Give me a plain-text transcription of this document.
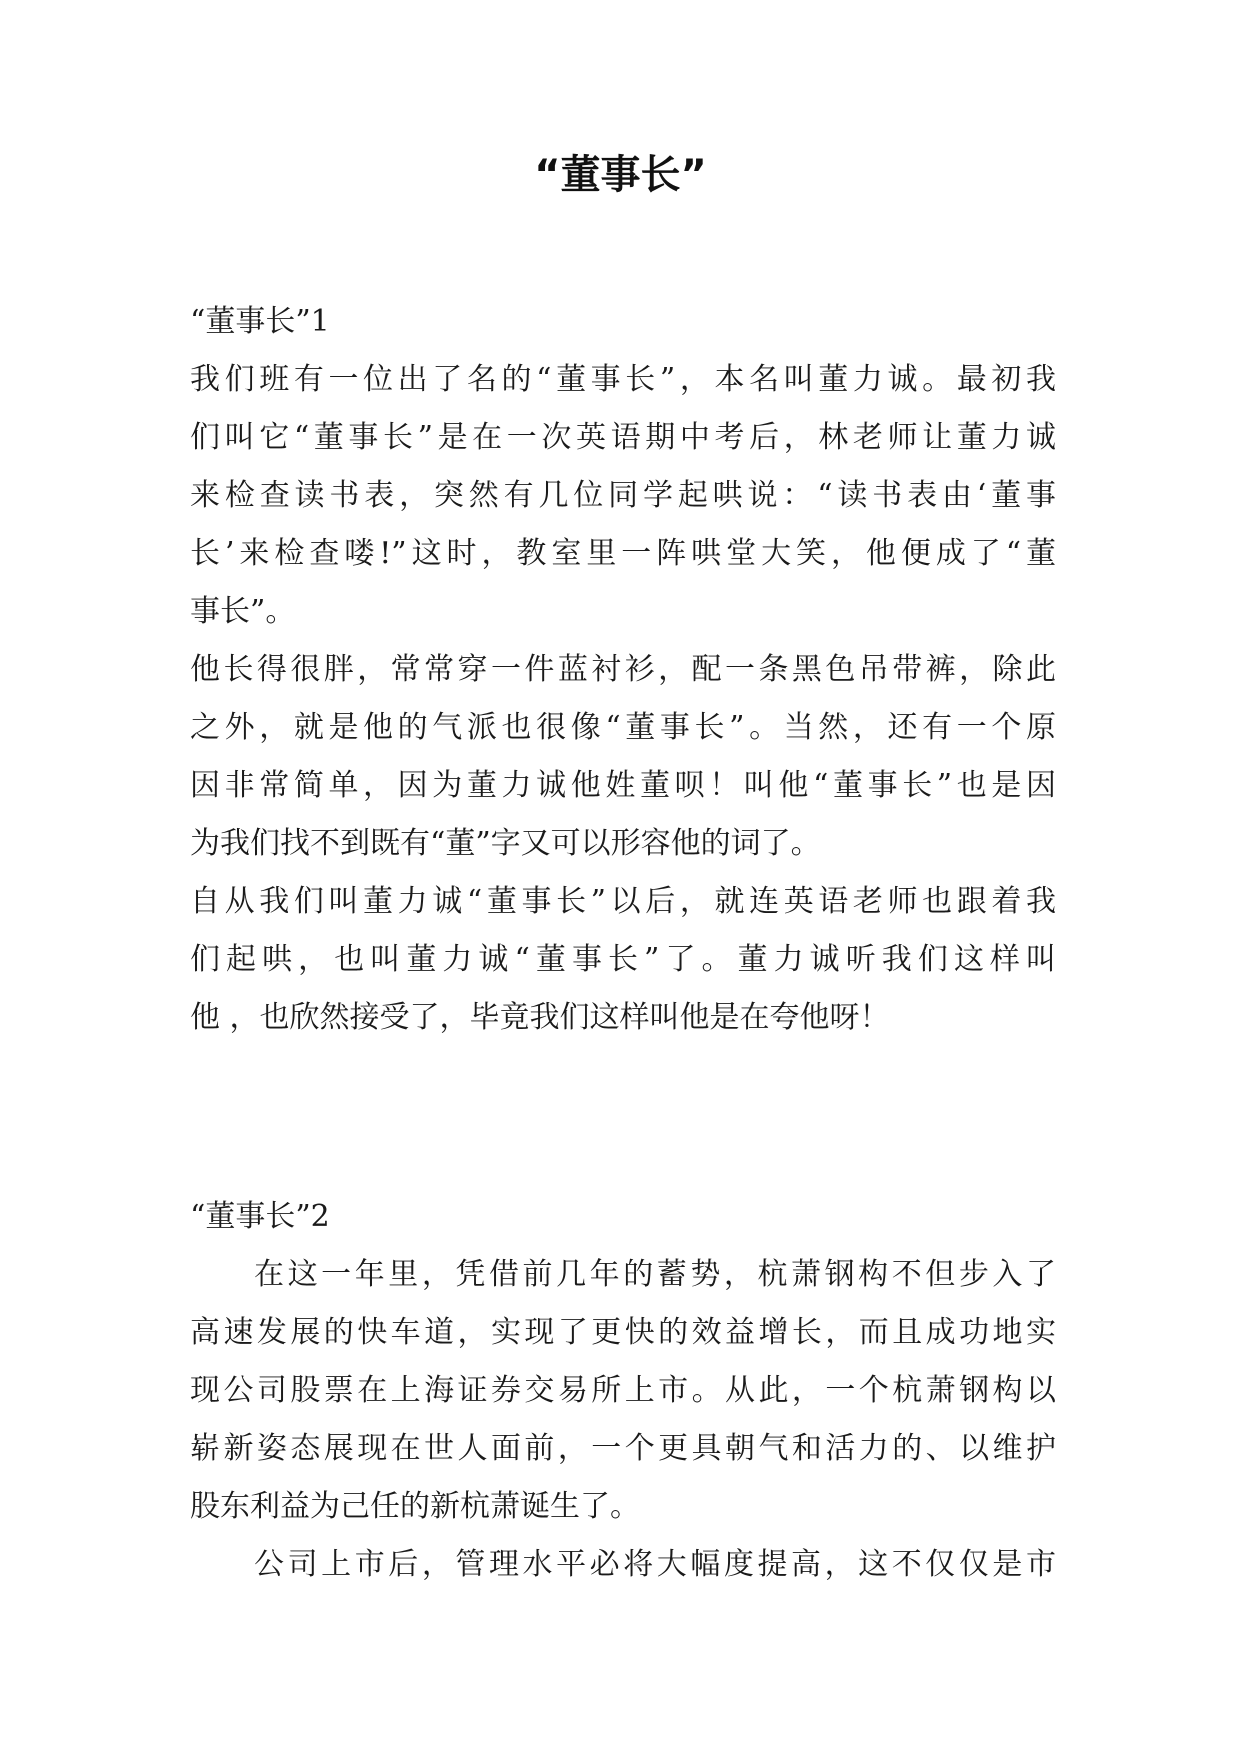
“董事长”
“董事长”1
我们班有一位出了名的“董事长”，本名叫董力诚。最初我
们叫它“董事长”是在一次英语期中考后，林老师让董力诚
来检查读书表，突然有几位同学起哄说：“读书表由‘董事
长’来检查喽!”这时，教室里一阵哄堂大笑，他便成了“董
事长”。
他长得很胖，常常穿一件蓝衬衫，配一条黑色吊带裤，除此
之外，就是他的气派也很像“董事长”。当然，还有一个原
因非常简单，因为董力诚他姓董呗！叫他“董事长”也是因
为我们找不到既有“董”字又可以形容他的词了。
自从我们叫董力诚“董事长”以后，就连英语老师也跟着我
们起哄，也叫董力诚“董事长”了。董力诚听我们这样叫
他 ，也欣然接受了，毕竟我们这样叫他是在夸他呀！
“董事长”2
在这一年里，凭借前几年的蓄势，杭萧钢构不但步入了
高速发展的快车道，实现了更快的效益增长，而且成功地实
现公司股票在上海证券交易所上市。从此，一个杭萧钢构以
崭新姿态展现在世人面前，一个更具朝气和活力的、以维护
股东利益为己任的新杭萧诞生了。
公司上市后，管理水平必将大幅度提高，这不仅仅是市
